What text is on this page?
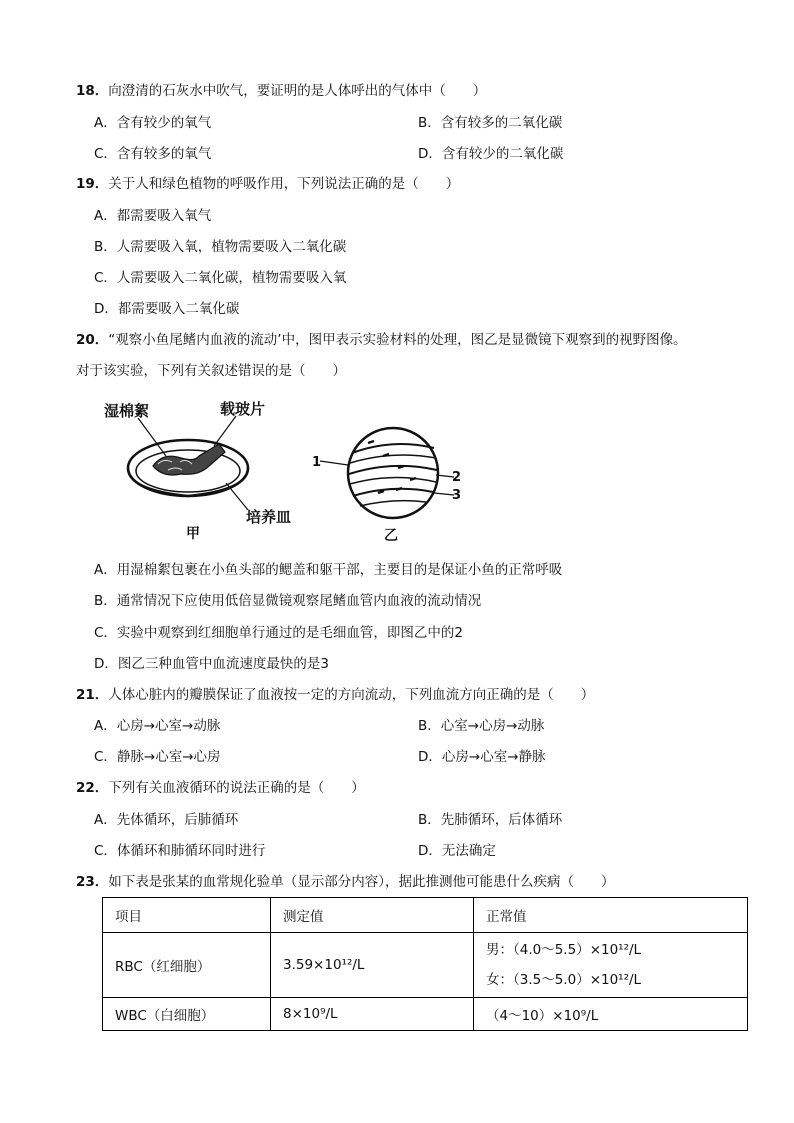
18．向澄清的石灰水中吹气，要证明的是人体呼出的气体中（　　）
A．含有较少的氧气	B．含有较多的二氧化碳
C．含有较多的氧气	D．含有较少的二氧化碳
19．关于人和绿色植物的呼吸作用，下列说法正确的是（　　）
A．都需要吸入氧气
B．人需要吸入氧，植物需要吸入二氧化碳
C．人需要吸入二氧化碳，植物需要吸入氧
D．都需要吸入二氧化碳
20．“观察小鱼尾鳍内血液的流动’中，图甲表示实验材料的处理，图乙是显微镜下观察到的视野图像。
对于该实验，下列有关叙述错误的是（　　）
湿棉絮	载玻片
培养皿
甲
1
2
3
乙
A．用湿棉絮包裹在小鱼头部的鳃盖和躯干部，主要目的是保证小鱼的正常呼吸
B．通常情况下应使用低倍显微镜观察尾鳍血管内血液的流动情况
C．实验中观察到红细胞单行通过的是毛细血管，即图乙中的2
D．图乙三种血管中血流速度最快的是3
21．人体心脏内的瓣膜保证了血液按一定的方向流动，下列血流方向正确的是（　　）
A．心房→心室→动脉	B．心室→心房→动脉
C．静脉→心室→心房	D．心房→心室→静脉
22．下列有关血液循环的说法正确的是（　　）
A．先体循环，后肺循环	B．先肺循环，后体循环
C．体循环和肺循环同时进行	D．无法确定
23．如下表是张某的血常规化验单（显示部分内容），据此推测他可能患什么疾病（　　）
项目	测定值	正常值
RBC（红细胞）	3.59×10¹²/L	男：（4.0～5.5）×10¹²/L
女：（3.5～5.0）×10¹²/L

WBC（白细胞）	8×10⁹/L	（4～10）×10⁹/L
